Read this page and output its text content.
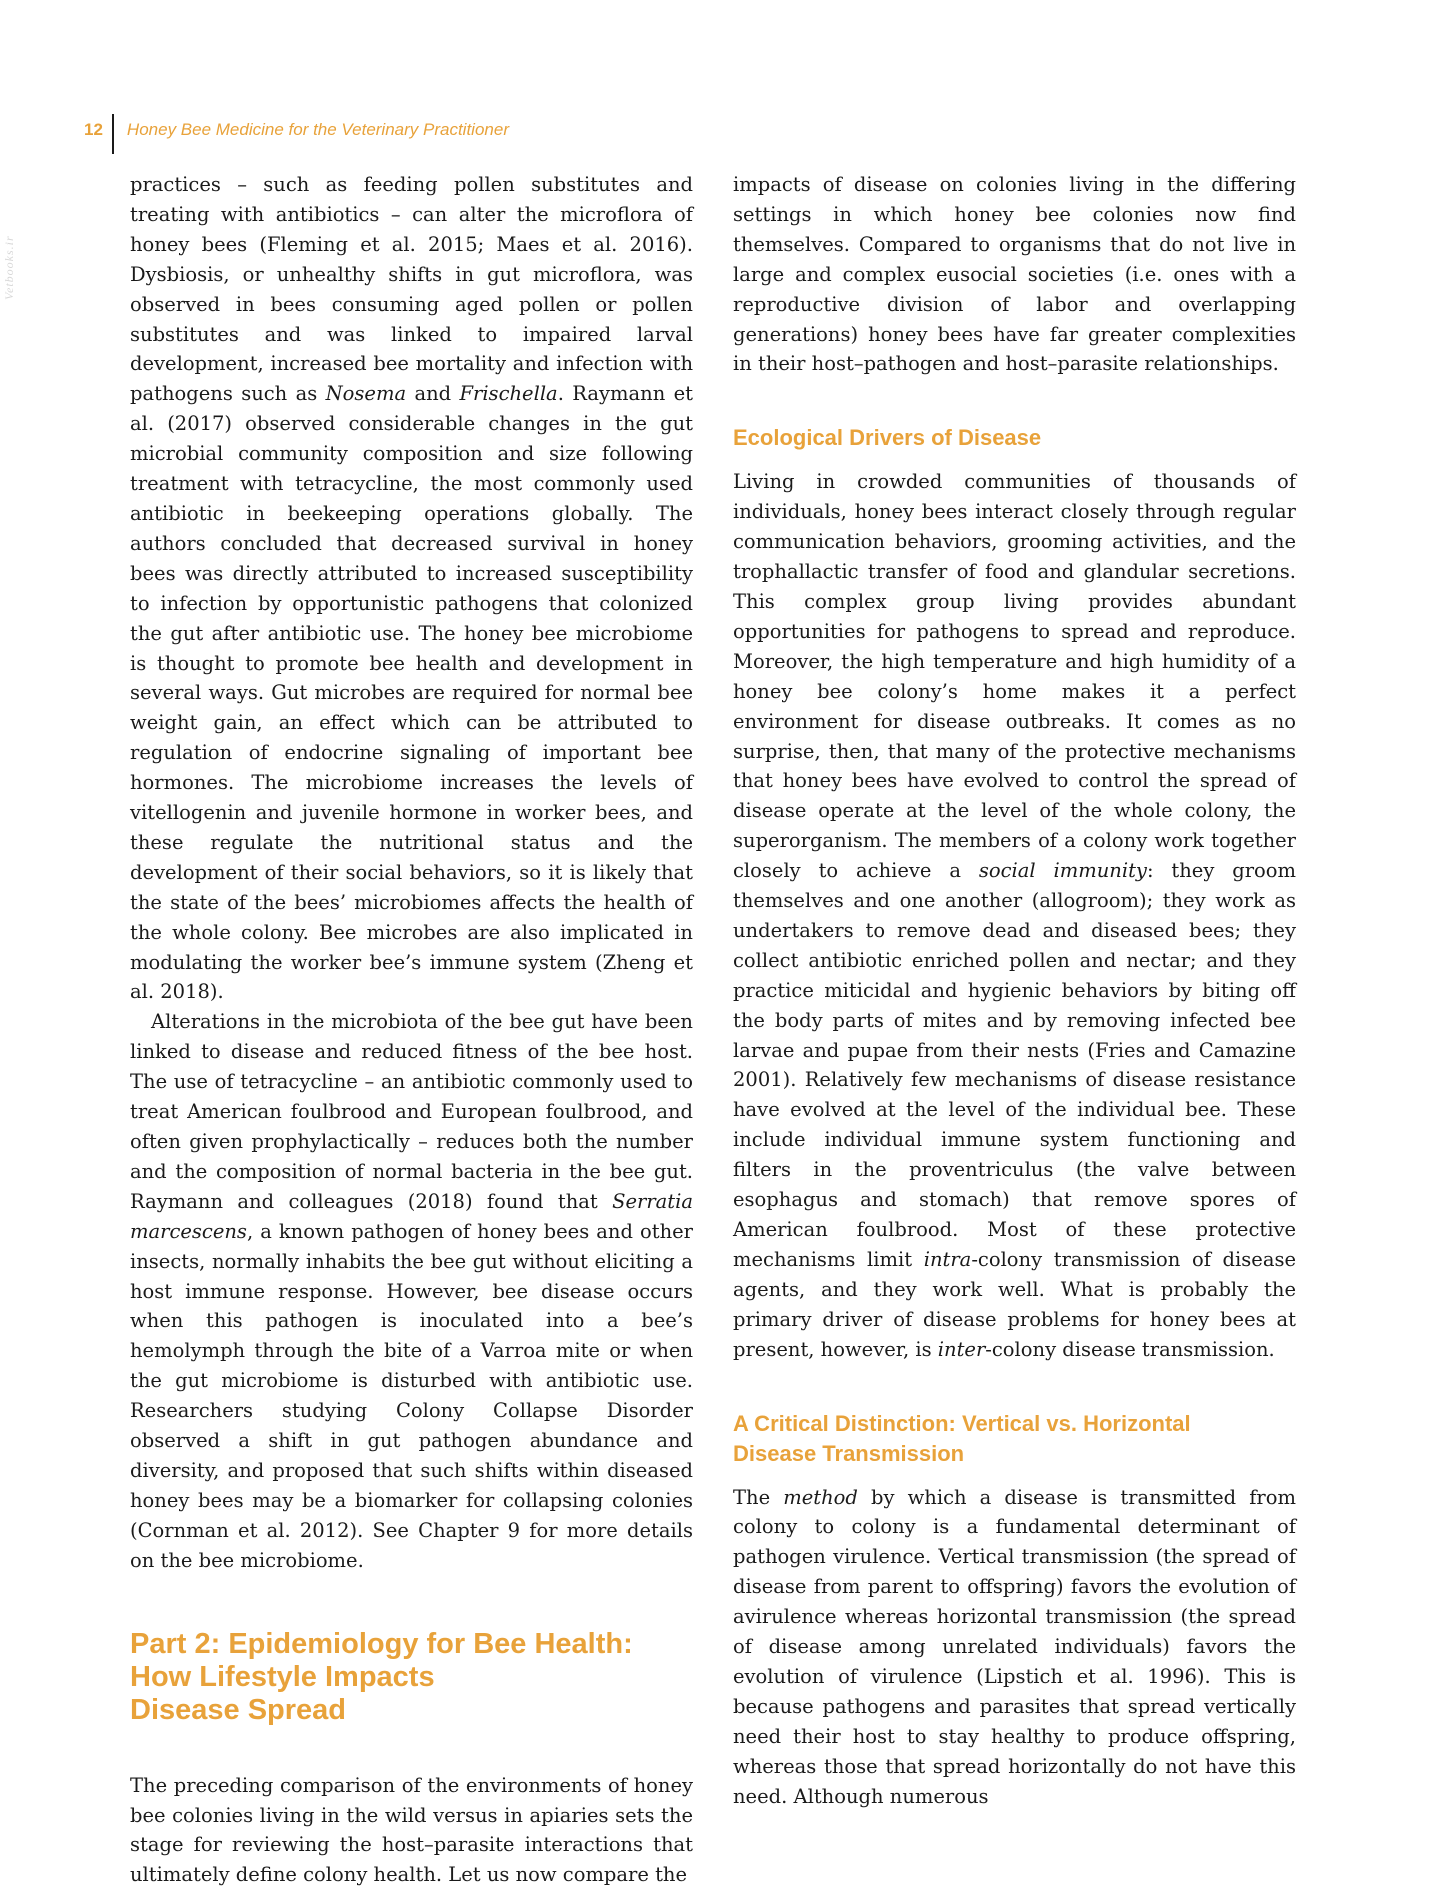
12 Honey Bee Medicine for the Veterinary Practitioner
Vetbooks.ir

practices – such as feeding pollen substitutes and treating with antibiotics – can alter the microflora of honey bees (Fleming et al. 2015; Maes et al. 2016). Dysbiosis, or unhealthy shifts in gut microflora, was observed in bees consuming aged pollen or pollen substitutes and was linked to impaired larval development, increased bee mortality and infection with pathogens such as Nosema and Frischella. Raymann et al. (2017) observed considerable changes in the gut microbial community composition and size following treatment with tetracycline, the most commonly used antibiotic in beekeeping operations globally. The authors concluded that decreased survival in honey bees was directly attributed to increased susceptibility to infection by opportunistic pathogens that colonized the gut after antibiotic use. The honey bee microbiome is thought to promote bee health and development in several ways. Gut microbes are required for normal bee weight gain, an effect which can be attributed to regulation of endocrine signaling of important bee hormones. The microbiome increases the levels of vitellogenin and juvenile hormone in worker bees, and these regulate the nutritional status and the development of their social behaviors, so it is likely that the state of the bees’ microbiomes affects the health of the whole colony. Bee microbes are also implicated in modulating the worker bee’s immune system (Zheng et al. 2018).

Alterations in the microbiota of the bee gut have been linked to disease and reduced fitness of the bee host. The use of tetracycline – an antibiotic commonly used to treat American foulbrood and European foulbrood, and often given prophylactically – reduces both the number and the composition of normal bacteria in the bee gut. Raymann and colleagues (2018) found that Serratia marcescens, a known pathogen of honey bees and other insects, normally inhabits the bee gut without eliciting a host immune response. However, bee disease occurs when this pathogen is inoculated into a bee’s hemolymph through the bite of a Varroa mite or when the gut microbiome is disturbed with antibiotic use. Researchers studying Colony Collapse Disorder observed a shift in gut pathogen abundance and diversity, and proposed that such shifts within diseased honey bees may be a biomarker for collapsing colonies (Cornman et al. 2012). See Chapter 9 for more details on the bee microbiome.

Part 2: Epidemiology for Bee Health:
How Lifestyle Impacts
Disease Spread

The preceding comparison of the environments of honey bee colonies living in the wild versus in apiaries sets the stage for reviewing the host–parasite interactions that ultimately define colony health. Let us now compare the

impacts of disease on colonies living in the differing settings in which honey bee colonies now find themselves. Compared to organisms that do not live in large and complex eusocial societies (i.e. ones with a reproductive division of labor and overlapping generations) honey bees have far greater complexities in their host–pathogen and host–parasite relationships.

Ecological Drivers of Disease

Living in crowded communities of thousands of individuals, honey bees interact closely through regular communication behaviors, grooming activities, and the trophallactic transfer of food and glandular secretions. This complex group living provides abundant opportunities for pathogens to spread and reproduce. Moreover, the high temperature and high humidity of a honey bee colony’s home makes it a perfect environment for disease outbreaks. It comes as no surprise, then, that many of the protective mechanisms that honey bees have evolved to control the spread of disease operate at the level of the whole colony, the superorganism. The members of a colony work together closely to achieve a social immunity: they groom themselves and one another (allogroom); they work as undertakers to remove dead and diseased bees; they collect antibiotic enriched pollen and nectar; and they practice miticidal and hygienic behaviors by biting off the body parts of mites and by removing infected bee larvae and pupae from their nests (Fries and Camazine 2001). Relatively few mechanisms of disease resistance have evolved at the level of the individual bee. These include individual immune system functioning and filters in the proventriculus (the valve between esophagus and stomach) that remove spores of American foulbrood. Most of these protective mechanisms limit intra-colony transmission of disease agents, and they work well. What is probably the primary driver of disease problems for honey bees at present, however, is inter-colony disease transmission.

A Critical Distinction: Vertical vs. Horizontal
Disease Transmission

The method by which a disease is transmitted from colony to colony is a fundamental determinant of pathogen virulence. Vertical transmission (the spread of disease from parent to offspring) favors the evolution of avirulence whereas horizontal transmission (the spread of disease among unrelated individuals) favors the evolution of virulence (Lipstich et al. 1996). This is because pathogens and parasites that spread vertically need their host to stay healthy to produce offspring, whereas those that spread horizontally do not have this need. Although numerous
